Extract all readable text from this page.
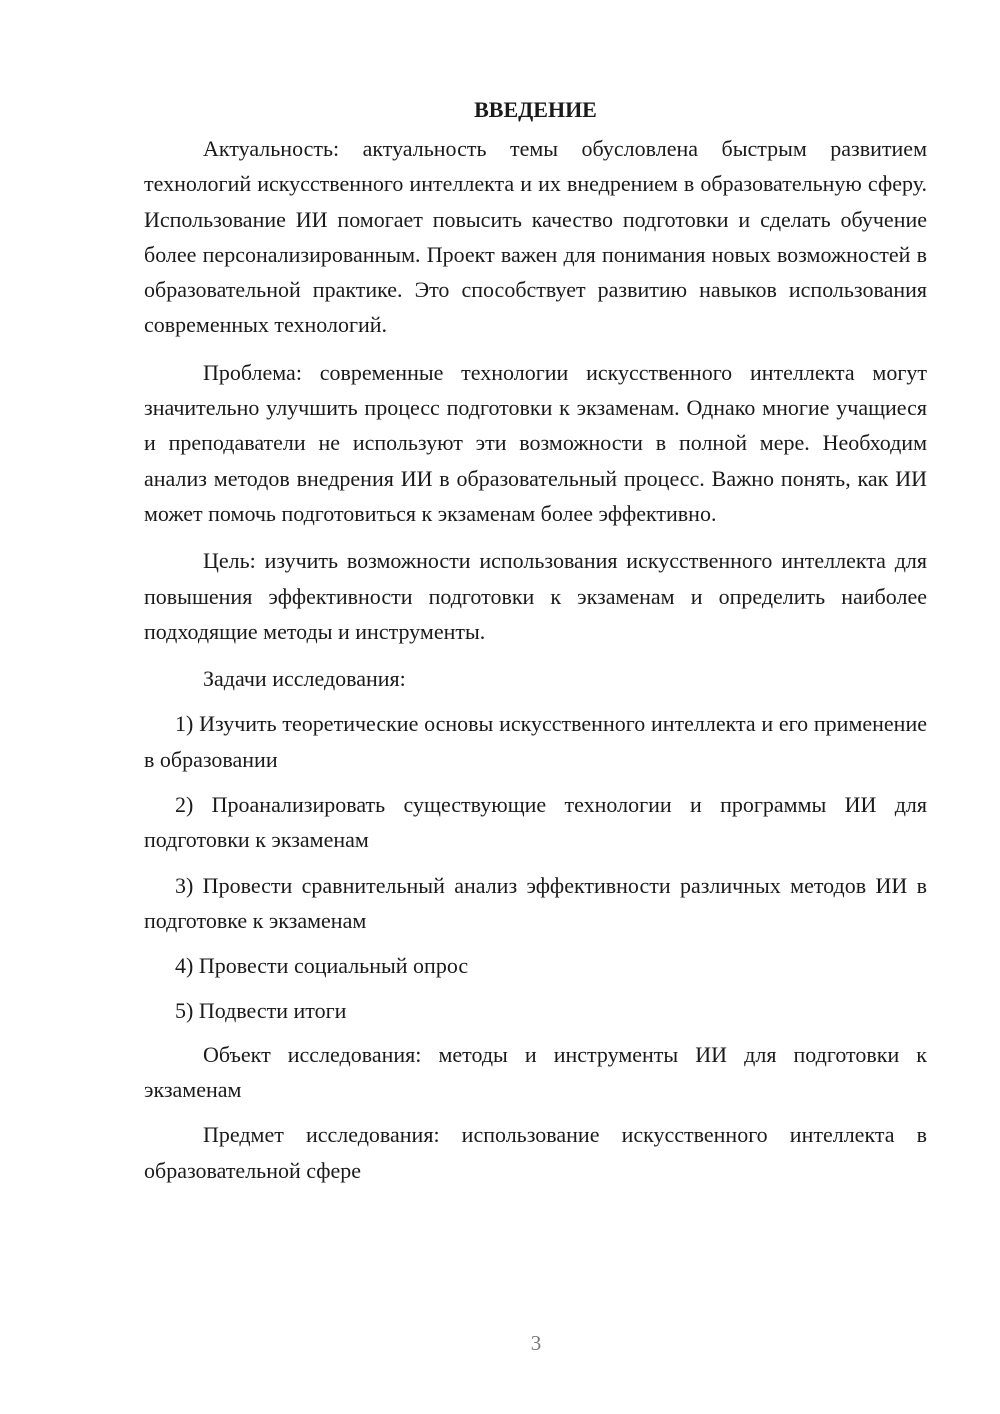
ВВЕДЕНИЕ

Актуальность: актуальность темы обусловлена быстрым развитием технологий искусственного интеллекта и их внедрением в образовательную сферу. Использование ИИ помогает повысить качество подготовки и сделать обучение более персонализированным. Проект важен для понимания новых возможностей в образовательной практике. Это способствует развитию навыков использования современных технологий.

Проблема: современные технологии искусственного интеллекта могут значительно улучшить процесс подготовки к экзаменам. Однако многие учащиеся и преподаватели не используют эти возможности в полной мере. Необходим анализ методов внедрения ИИ в образовательный процесс. Важно понять, как ИИ может помочь подготовиться к экзаменам более эффективно.

Цель: изучить возможности использования искусственного интеллекта для повышения эффективности подготовки к экзаменам и определить наиболее подходящие методы и инструменты.

Задачи исследования:

1) Изучить теоретические основы искусственного интеллекта и его применение в образовании

2) Проанализировать существующие технологии и программы ИИ для подготовки к экзаменам

3) Провести сравнительный анализ эффективности различных методов ИИ в подготовке к экзаменам

4) Провести социальный опрос

5) Подвести итоги

Объект исследования: методы и инструменты ИИ для подготовки к экзаменам

Предмет исследования: использование искусственного интеллекта в образовательной сфере

3
